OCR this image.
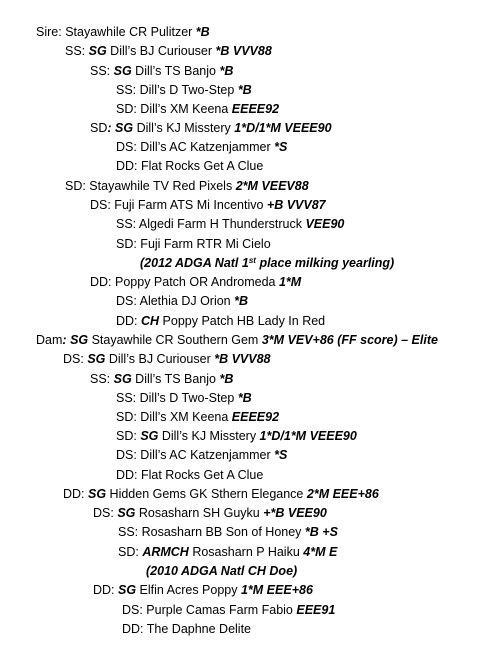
Sire: Stayawhile CR Pulitzer *B
SS: SG Dill’s BJ Curiouser *B VVV88
SS: SG Dill’s TS Banjo *B
SS: Dill’s D Two-Step *B
SD: Dill’s XM Keena EEEE92
SD: SG Dill’s KJ Misstery 1*D/1*M VEEE90
DS: Dill’s AC Katzenjammer *S
DD: Flat Rocks Get A Clue
SD: Stayawhile TV Red Pixels 2*M VEEV88
DS: Fuji Farm ATS Mi Incentivo +B VVV87
SS: Algedi Farm H Thunderstruck VEE90
SD: Fuji Farm RTR Mi Cielo
(2012 ADGA Natl 1st place milking yearling)
DD: Poppy Patch OR Andromeda 1*M
DS: Alethia DJ Orion *B
DD: CH Poppy Patch HB Lady In Red
Dam: SG Stayawhile CR Southern Gem 3*M VEV+86 (FF score) – Elite
DS: SG Dill’s BJ Curiouser *B VVV88
SS: SG Dill’s TS Banjo *B
SS: Dill’s D Two-Step *B
SD: Dill’s XM Keena EEEE92
SD: SG Dill’s KJ Misstery 1*D/1*M VEEE90
DS: Dill’s AC Katzenjammer *S
DD: Flat Rocks Get A Clue
DD: SG Hidden Gems GK Sthern Elegance 2*M EEE+86
DS: SG Rosasharn SH Guyku +*B VEE90
SS: Rosasharn BB Son of Honey *B +S
SD: ARMCH Rosasharn P Haiku 4*M E
(2010 ADGA Natl CH Doe)
DD: SG Elfin Acres Poppy 1*M EEE+86
DS: Purple Camas Farm Fabio EEE91
DD: The Daphne Delite
